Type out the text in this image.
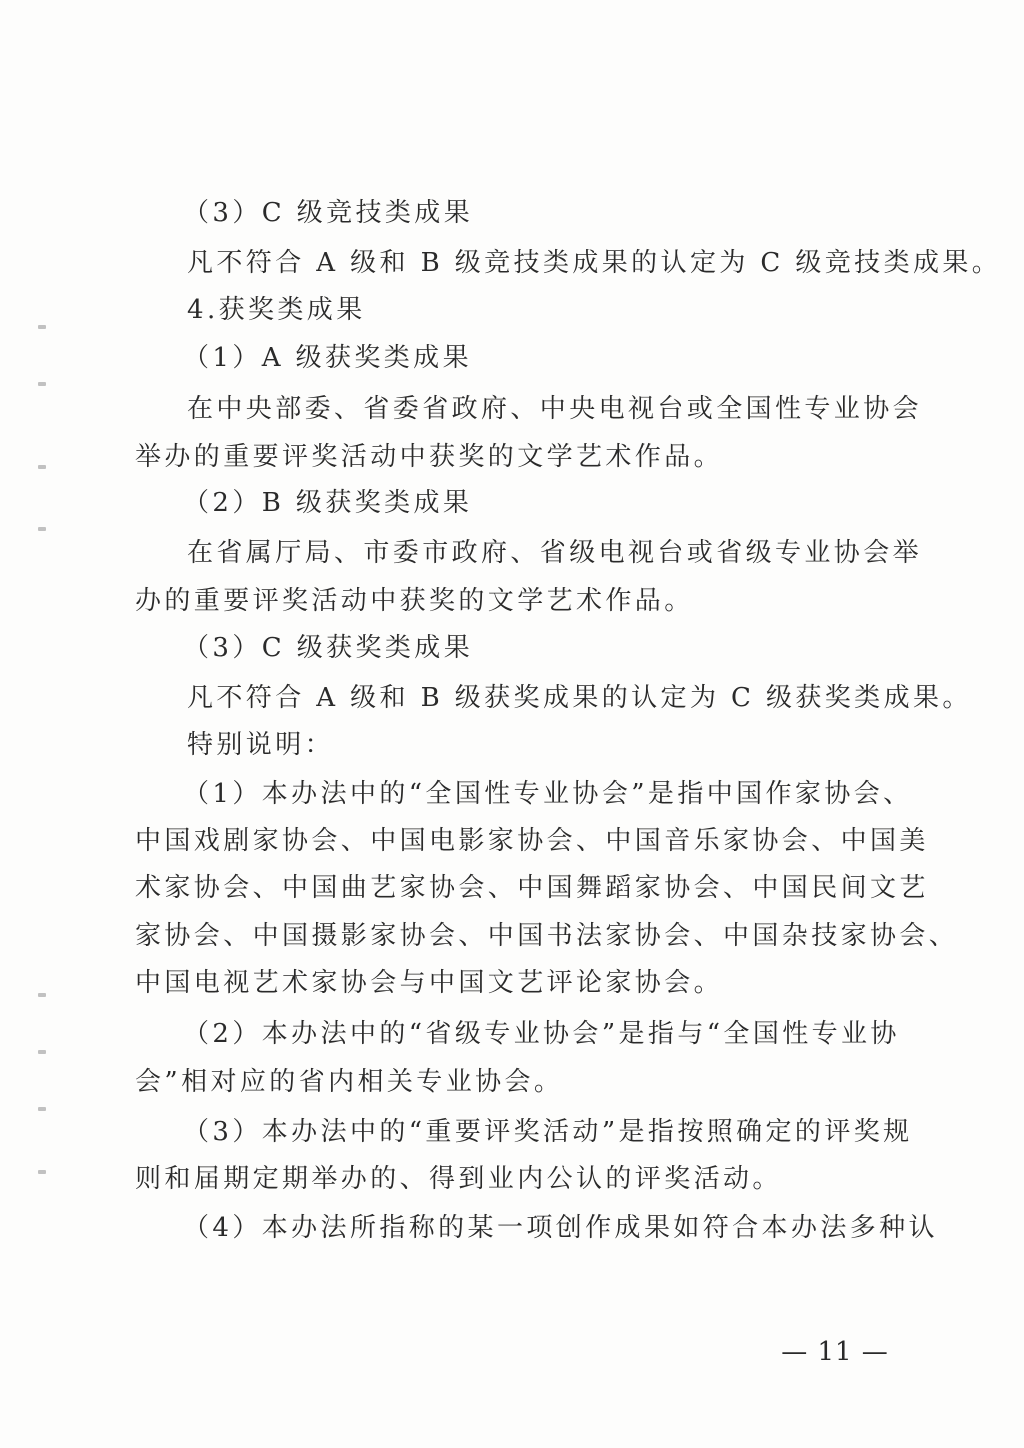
（3）C 级竞技类成果
凡不符合 A 级和 B 级竞技类成果的认定为 C 级竞技类成果。
4.获奖类成果
（1）A 级获奖类成果
在中央部委、省委省政府、中央电视台或全国性专业协会
举办的重要评奖活动中获奖的文学艺术作品。
（2）B 级获奖类成果
在省属厅局、市委市政府、省级电视台或省级专业协会举
办的重要评奖活动中获奖的文学艺术作品。
（3）C 级获奖类成果
凡不符合 A 级和 B 级获奖成果的认定为 C 级获奖类成果。
特别说明：
（1）本办法中的“全国性专业协会”是指中国作家协会、
中国戏剧家协会、中国电影家协会、中国音乐家协会、中国美
术家协会、中国曲艺家协会、中国舞蹈家协会、中国民间文艺
家协会、中国摄影家协会、中国书法家协会、中国杂技家协会、
中国电视艺术家协会与中国文艺评论家协会。
（2）本办法中的“省级专业协会”是指与“全国性专业协
会”相对应的省内相关专业协会。
（3）本办法中的“重要评奖活动”是指按照确定的评奖规
则和届期定期举办的、得到业内公认的评奖活动。
（4）本办法所指称的某一项创作成果如符合本办法多种认
— 11 —
